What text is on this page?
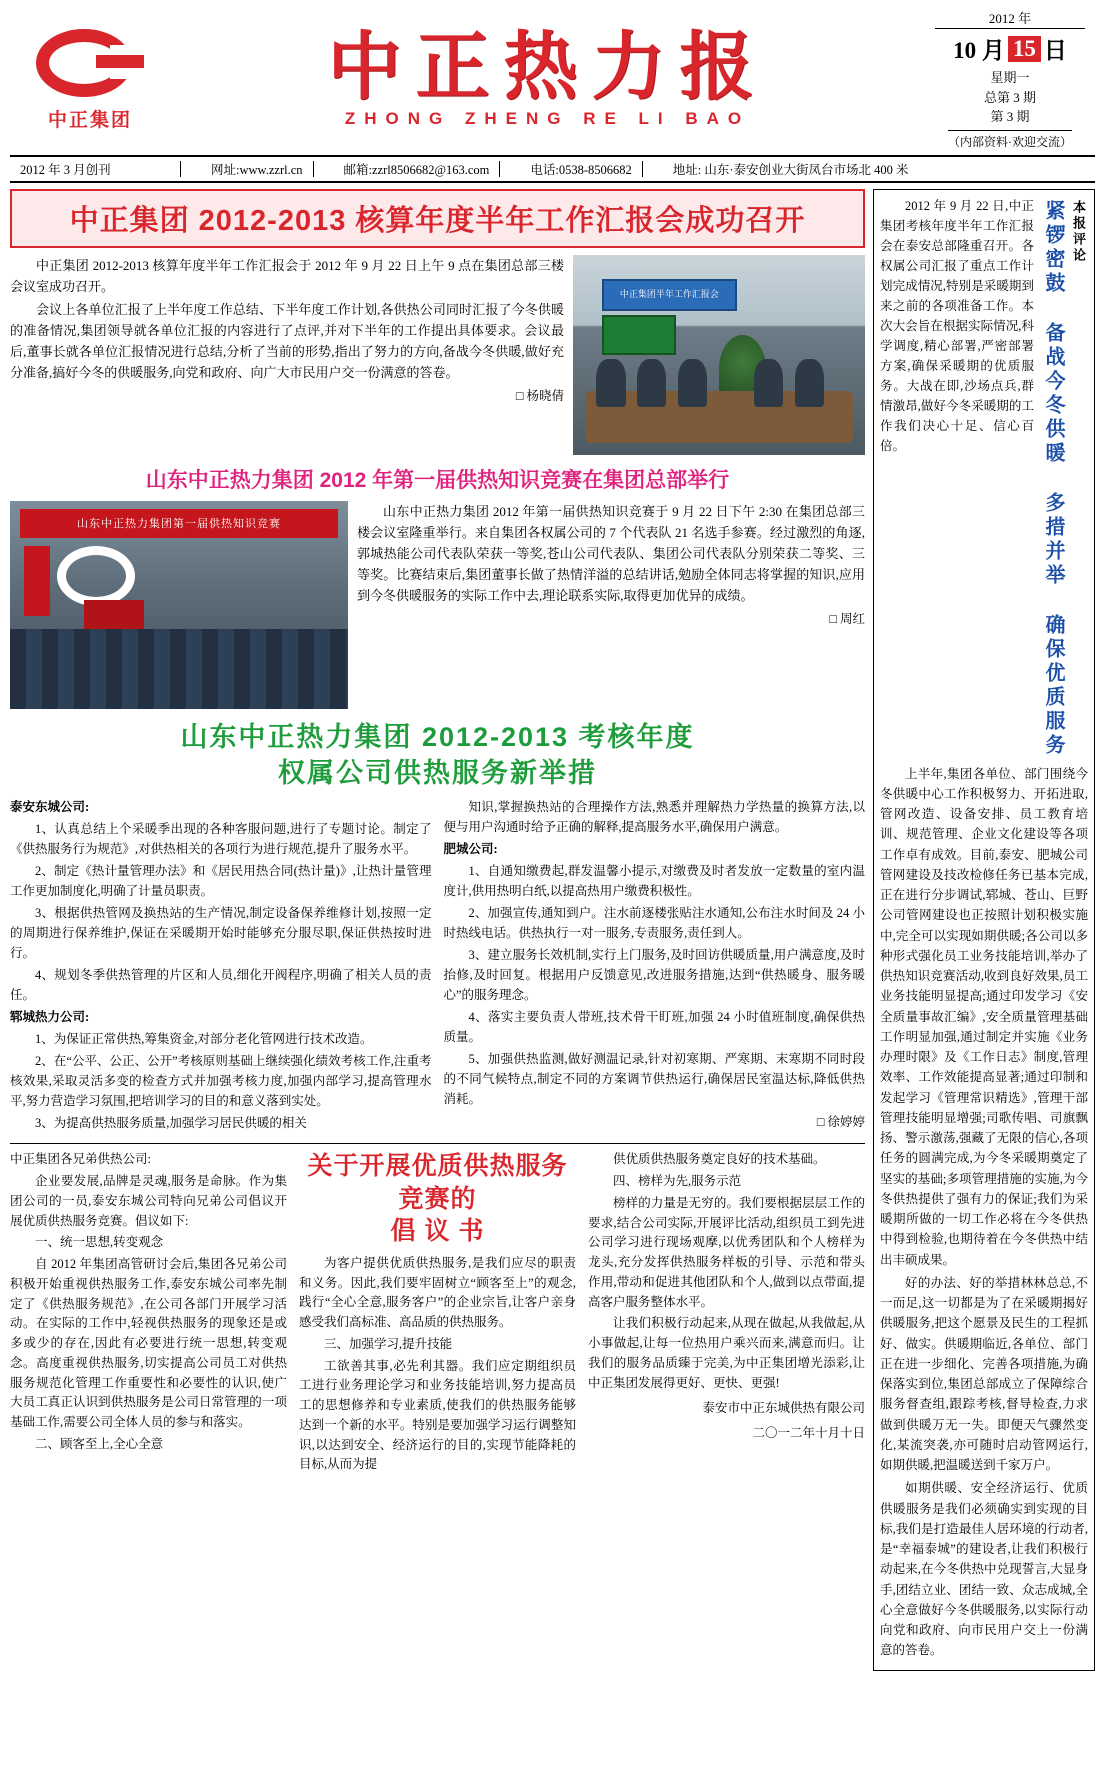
中正集团
中正热力报
ZHONG ZHENG RE LI BAO
2012 年
10 月 15 日
星期一
总第 3 期
第 3 期
（内部资料·欢迎交流）
2012 年 3 月创刊	网址:www.zzrl.cn	邮箱:zzrl8506682@163.com	电话:0538-8506682	地址: 山东·泰安创业大街凤台市场北 400 米
中正集团 2012-2013 核算年度半年工作汇报会成功召开

中正集团 2012-2013 核算年度半年工作汇报会于 2012 年 9 月 22 日上午 9 点在集团总部三楼会议室成功召开。

会议上各单位汇报了上半年度工作总结、下半年度工作计划,各供热公司同时汇报了今冬供暖的准备情况,集团领导就各单位汇报的内容进行了点评,并对下半年的工作提出具体要求。会议最后,董事长就各单位汇报情况进行总结,分析了当前的形势,指出了努力的方向,备战今冬供暖,做好充分准备,搞好今冬的供暖服务,向党和政府、向广大市民用户交一份满意的答卷。

□ 杨晓倩
中正集团半年工作汇报会
山东中正热力集团 2012 年第一届供热知识竞赛在集团总部举行
山东中正热力集团第一届供热知识竞赛

山东中正热力集团 2012 年第一届供热知识竞赛于 9 月 22 日下午 2:30 在集团总部三楼会议室隆重举行。来自集团各权属公司的 7 个代表队 21 名选手参赛。经过激烈的角逐,郭城热能公司代表队荣获一等奖,苍山公司代表队、集团公司代表队分别荣获二等奖、三等奖。比赛结束后,集团董事长做了热情洋溢的总结讲话,勉励全体同志将掌握的知识,应用到今冬供暖服务的实际工作中去,理论联系实际,取得更加优异的成绩。

□ 周红
山东中正热力集团 2012-2013 考核年度
权属公司供热服务新举措

泰安东城公司:

1、认真总结上个采暖季出现的各种客服问题,进行了专题讨论。制定了《供热服务行为规范》,对供热相关的各项行为进行规范,提升了服务水平。

2、制定《热计量管理办法》和《居民用热合同(热计量)》,让热计量管理工作更加制度化,明确了计量员职责。

3、根据供热管网及换热站的生产情况,制定设备保养维修计划,按照一定的周期进行保养维护,保证在采暖期开始时能够充分服尽职,保证供热按时进行。

4、规划冬季供热管理的片区和人员,细化开阀程序,明确了相关人员的责任。

郓城热力公司:

1、为保证正常供热,筹集资金,对部分老化管网进行技术改造。

2、在“公平、公正、公开”考核原则基础上继续强化绩效考核工作,注重考核效果,采取灵活多变的检查方式并加强考核力度,加强内部学习,提高管理水平,努力营造学习氛围,把培训学习的目的和意义落到实处。

3、为提高供热服务质量,加强学习居民供暖的相关

知识,掌握换热站的合理操作方法,熟悉并理解热力学热量的换算方法,以便与用户沟通时给予正确的解释,提高服务水平,确保用户满意。

肥城公司:

1、自通知缴费起,群发温馨小提示,对缴费及时者发放一定数量的室内温度计,供用热明白纸,以提高热用户缴费积极性。

2、加强宣传,通知到户。注水前逐楼张贴注水通知,公布注水时间及 24 小时热线电话。供热执行一对一服务,专责服务,责任到人。

3、建立服务长效机制,实行上门服务,及时回访供暖质量,用户满意度,及时抬修,及时回复。根据用户反馈意见,改进服务措施,达到“供热暖身、服务暖心”的服务理念。

4、落实主要负责人带班,技术骨干盯班,加强 24 小时值班制度,确保供热质量。

5、加强供热监测,做好测温记录,针对初寒期、严寒期、末寒期不同时段的不同气候特点,制定不同的方案调节供热运行,确保居民室温达标,降低供热消耗。

□ 徐婷婷

中正集团各兄弟供热公司:

企业要发展,品牌是灵魂,服务是命脉。作为集团公司的一员,泰安东城公司特向兄弟公司倡议开展优质供热服务竞赛。倡议如下:

一、统一思想,转变观念

自 2012 年集团高管研讨会后,集团各兄弟公司积极开始重视供热服务工作,泰安东城公司率先制定了《供热服务规范》,在公司各部门开展学习活动。在实际的工作中,轻视供热服务的现象还是或多或少的存在,因此有必要进行统一思想,转变观念。高度重视供热服务,切实提高公司员工对供热服务规范化管理工作重要性和必要性的认识,使广大员工真正认识到供热服务是公司日常管理的一项基础工作,需要公司全体人员的参与和落实。

二、顾客至上,全心全意

关于开展优质供热服务竞赛的
倡 议 书

为客户提供优质供热服务,是我们应尽的职责和义务。因此,我们要牢固树立“顾客至上”的观念,践行“全心全意,服务客户”的企业宗旨,让客户亲身感受我们高标准、高品质的供热服务。

三、加强学习,提升技能

工欲善其事,必先利其器。我们应定期组织员工进行业务理论学习和业务技能培训,努力提高员工的思想修养和专业素质,使我们的供热服务能够达到一个新的水平。特别是要加强学习运行调整知识,以达到安全、经济运行的目的,实现节能降耗的目标,从而为提

供优质供热服务奠定良好的技术基础。

四、榜样为先,服务示范

榜样的力量是无穷的。我们要根据层层工作的要求,结合公司实际,开展评比活动,组织员工到先进公司学习进行现场观摩,以优秀团队和个人榜样为龙头,充分发挥供热服务样板的引导、示范和带头作用,带动和促进其他团队和个人,做到以点带面,提高客户服务整体水平。

让我们积极行动起来,从现在做起,从我做起,从小事做起,让每一位热用户乘兴而来,满意而归。让我们的服务品质臻于完美,为中正集团增光添彩,让中正集团发展得更好、更快、更强!

泰安市中正东城供热有限公司
二〇一二年十月十日

2012 年 9 月 22 日,中正集团考核年度半年工作汇报会在泰安总部隆重召开。各权属公司汇报了重点工作计划完成情况,特别是采暖期到来之前的各项准备工作。本次大会旨在根据实际情况,科学调度,精心部署,严密部署方案,确保采暖期的优质服务。大战在即,沙场点兵,群情激昂,做好今冬采暖期的工作我们决心十足、信心百倍。

本报评论
紧锣密鼓 备战今冬供暖 多措并举 确保优质服务

上半年,集团各单位、部门围绕今冬供暖中心工作积极努力、开拓进取,管网改造、设备安排、员工教育培训、规范管理、企业文化建设等各项工作卓有成效。目前,泰安、肥城公司管网建设及技改检修任务已基本完成,正在进行分步调试,郓城、苍山、巨野公司管网建设也正按照计划积极实施中,完全可以实现如期供暖;各公司以多种形式强化员工业务技能培训,举办了供热知识竞赛活动,收到良好效果,员工业务技能明显提高;通过印发学习《安全质量事故汇编》,安全质量管理基础工作明显加强,通过制定并实施《业务办理时限》及《工作日志》制度,管理效率、工作效能提高显著;通过印制和发起学习《管理常识精选》,管理干部管理技能明显增强;司歌传唱、司旗飘扬、警示激荡,强藏了无限的信心,各项任务的圆满完成,为今冬采暖期奠定了坚实的基础;多项管理措施的实施,为今冬供热提供了强有力的保证;我们为采暖期所做的一切工作必将在今冬供热中得到检验,也期待着在今冬供热中结出丰硕成果。

好的办法、好的举措林林总总,不一而足,这一切都是为了在采暖期揭好供暖服务,把这个愿景及民生的工程抓好、做实。供暖期临近,各单位、部门正在进一步细化、完善各项措施,为确保落实到位,集团总部成立了保障综合服务督查组,跟踪考核,督导检查,力求做到供暖万无一失。即便天气骤然变化,某流突袭,亦可随时启动管网运行,如期供暖,把温暖送到千家万户。

如期供暖、安全经济运行、优质供暖服务是我们必须确实到实现的目标,我们是打造最佳人居环境的行动者,是“幸福泰城”的建设者,让我们积极行动起来,在今冬供热中兑现誓言,大显身手,团结立业、团结一致、众志成城,全心全意做好今冬供暖服务,以实际行动向党和政府、向市民用户交上一份满意的答卷。
